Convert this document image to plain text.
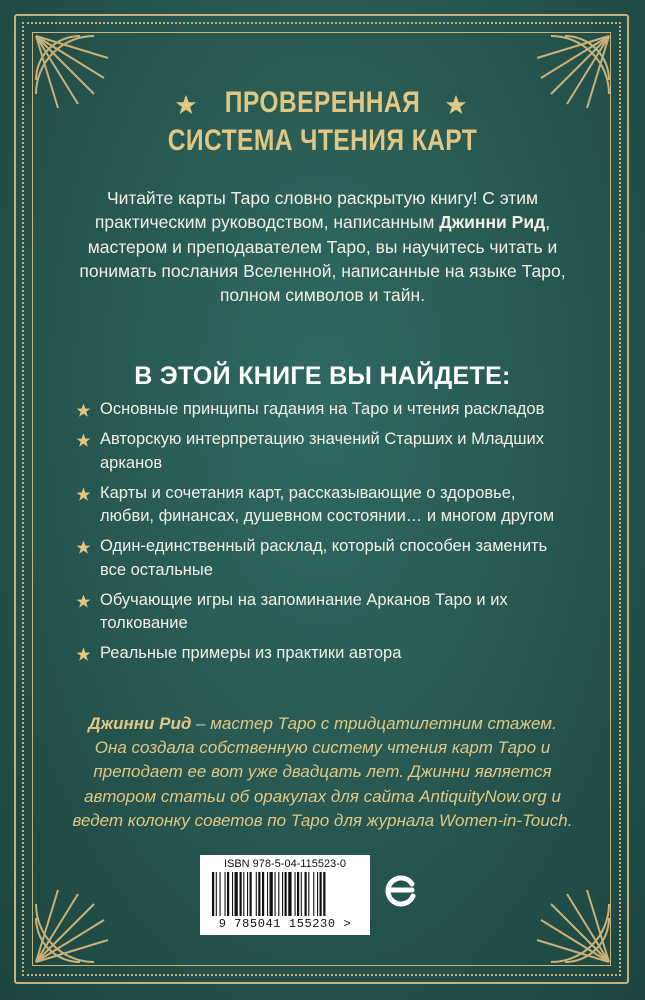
ПРОВЕРЕННАЯ
СИСТЕМА ЧТЕНИЯ КАРТ
Читайте карты Таро словно раскрытую книгу! С этим практическим руководством, написанным Джинни Рид, мастером и преподавателем Таро, вы научитесь читать и понимать послания Вселенной, написанные на языке Таро, полном символов и тайн.
В ЭТОЙ КНИГЕ ВЫ НАЙДЕТЕ:
Основные принципы гадания на Таро и чтения раскладов
Авторскую интерпретацию значений Старших и Младших арканов
Карты и сочетания карт, рассказывающие о здоровье, любви, финансах, душевном состоянии… и многом другом
Один-единственный расклад, который способен заменить все остальные
Обучающие игры на запоминание Арканов Таро и их толкование
Реальные примеры из практики автора
Джинни Рид – мастер Таро с тридцатилетним стажем. Она создала собственную систему чтения карт Таро и преподает ее вот уже двадцать лет. Джинни является автором статьи об оракулах для сайта AntiquityNow.org и ведет колонку советов по Таро для журнала Women-in-Touch.
ISBN 978-5-04-115523-0
9 785041 155230 >
